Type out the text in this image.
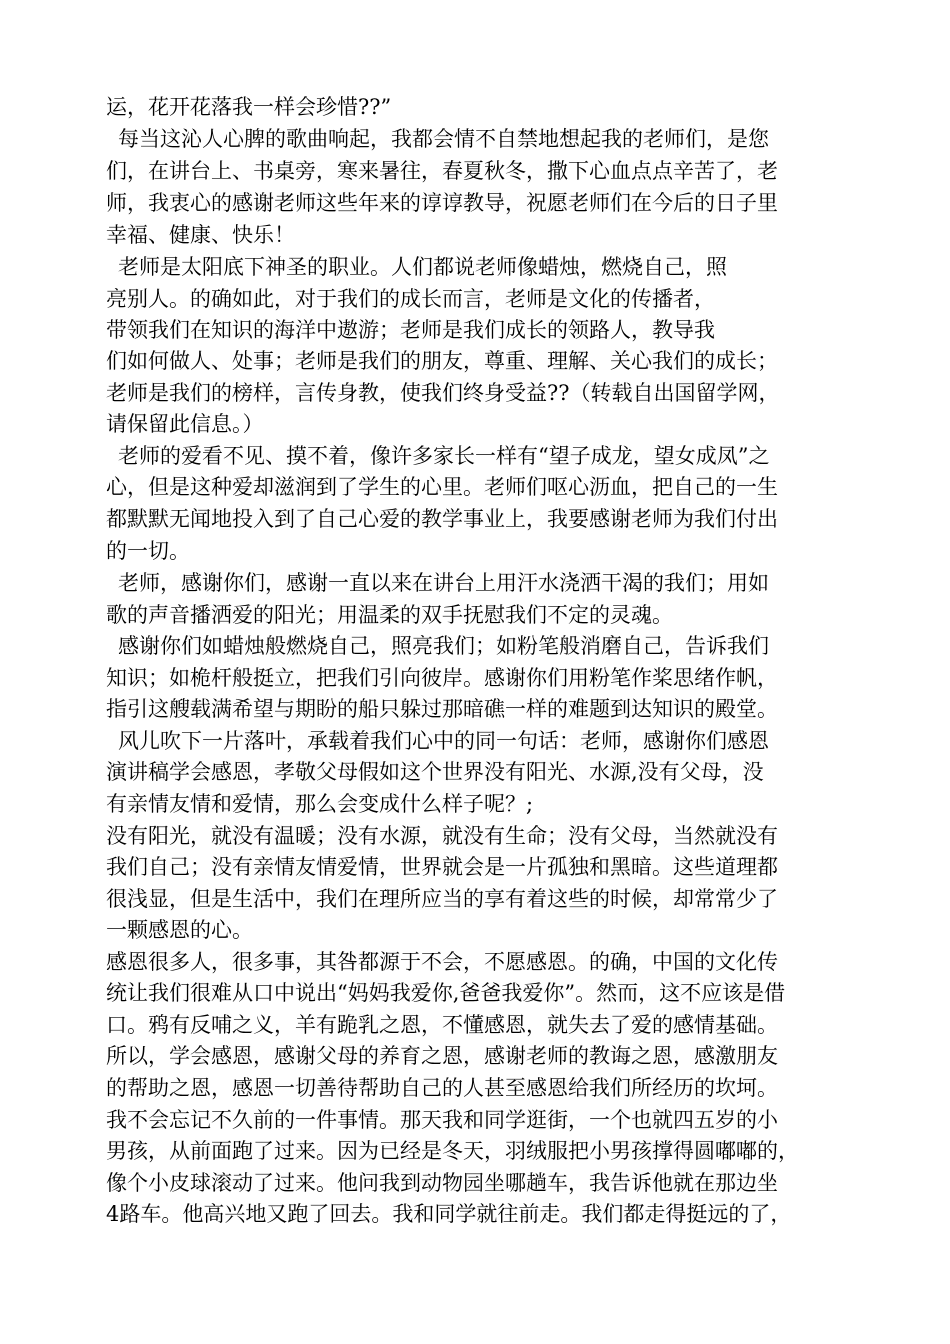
运，花开花落我一样会珍惜??”
每当这沁人心脾的歌曲响起，我都会情不自禁地想起我的老师们，是您
们，在讲台上、书桌旁，寒来暑往，春夏秋冬，撒下心血点点辛苦了，老
师，我衷心的感谢老师这些年来的谆谆教导，祝愿老师们在今后的日子里
幸福、健康、快乐！
老师是太阳底下神圣的职业。人们都说老师像蜡烛，燃烧自己，照
亮别人。的确如此，对于我们的成长而言，老师是文化的传播者，
带领我们在知识的海洋中遨游；老师是我们成长的领路人，教导我
们如何做人、处事；老师是我们的朋友，尊重、理解、关心我们的成长；
老师是我们的榜样，言传身教，使我们终身受益??（转载自出国留学网，
请保留此信息。）
老师的爱看不见、摸不着，像许多家长一样有“望子成龙，望女成凤”之
心，但是这种爱却滋润到了学生的心里。老师们呕心沥血，把自己的一生
都默默无闻地投入到了自己心爱的教学事业上，我要感谢老师为我们付出
的一切。
老师，感谢你们，感谢一直以来在讲台上用汗水浇洒干渴的我们；用如
歌的声音播洒爱的阳光；用温柔的双手抚慰我们不定的灵魂。
感谢你们如蜡烛般燃烧自己，照亮我们；如粉笔般消磨自己，告诉我们
知识；如桅杆般挺立，把我们引向彼岸。感谢你们用粉笔作桨思绪作帆，
指引这艘载满希望与期盼的船只躲过那暗礁一样的难题到达知识的殿堂。
风儿吹下一片落叶，承载着我们心中的同一句话：老师，感谢你们感恩
演讲稿学会感恩，孝敬父母假如这个世界没有阳光、水源,没有父母，没
有亲情友情和爱情，那么会变成什么样子呢？;
没有阳光，就没有温暖；没有水源，就没有生命；没有父母，当然就没有
我们自己；没有亲情友情爱情，世界就会是一片孤独和黑暗。这些道理都
很浅显，但是生活中，我们在理所应当的享有着这些的时候，却常常少了
一颗感恩的心。
感恩很多人，很多事，其咎都源于不会，不愿感恩。的确，中国的文化传
统让我们很难从口中说出“妈妈我爱你,爸爸我爱你”。然而，这不应该是借
口。鸦有反哺之义，羊有跪乳之恩，不懂感恩，就失去了爱的感情基础。
所以，学会感恩，感谢父母的养育之恩，感谢老师的教诲之恩，感激朋友
的帮助之恩，感恩一切善待帮助自己的人甚至感恩给我们所经历的坎坷。
我不会忘记不久前的一件事情。那天我和同学逛街，一个也就四五岁的小
男孩，从前面跑了过来。因为已经是冬天，羽绒服把小男孩撑得圆嘟嘟的，
像个小皮球滚动了过来。他问我到动物园坐哪趟车，我告诉他就在那边坐
4路车。他高兴地又跑了回去。我和同学就往前走。我们都走得挺远的了，
